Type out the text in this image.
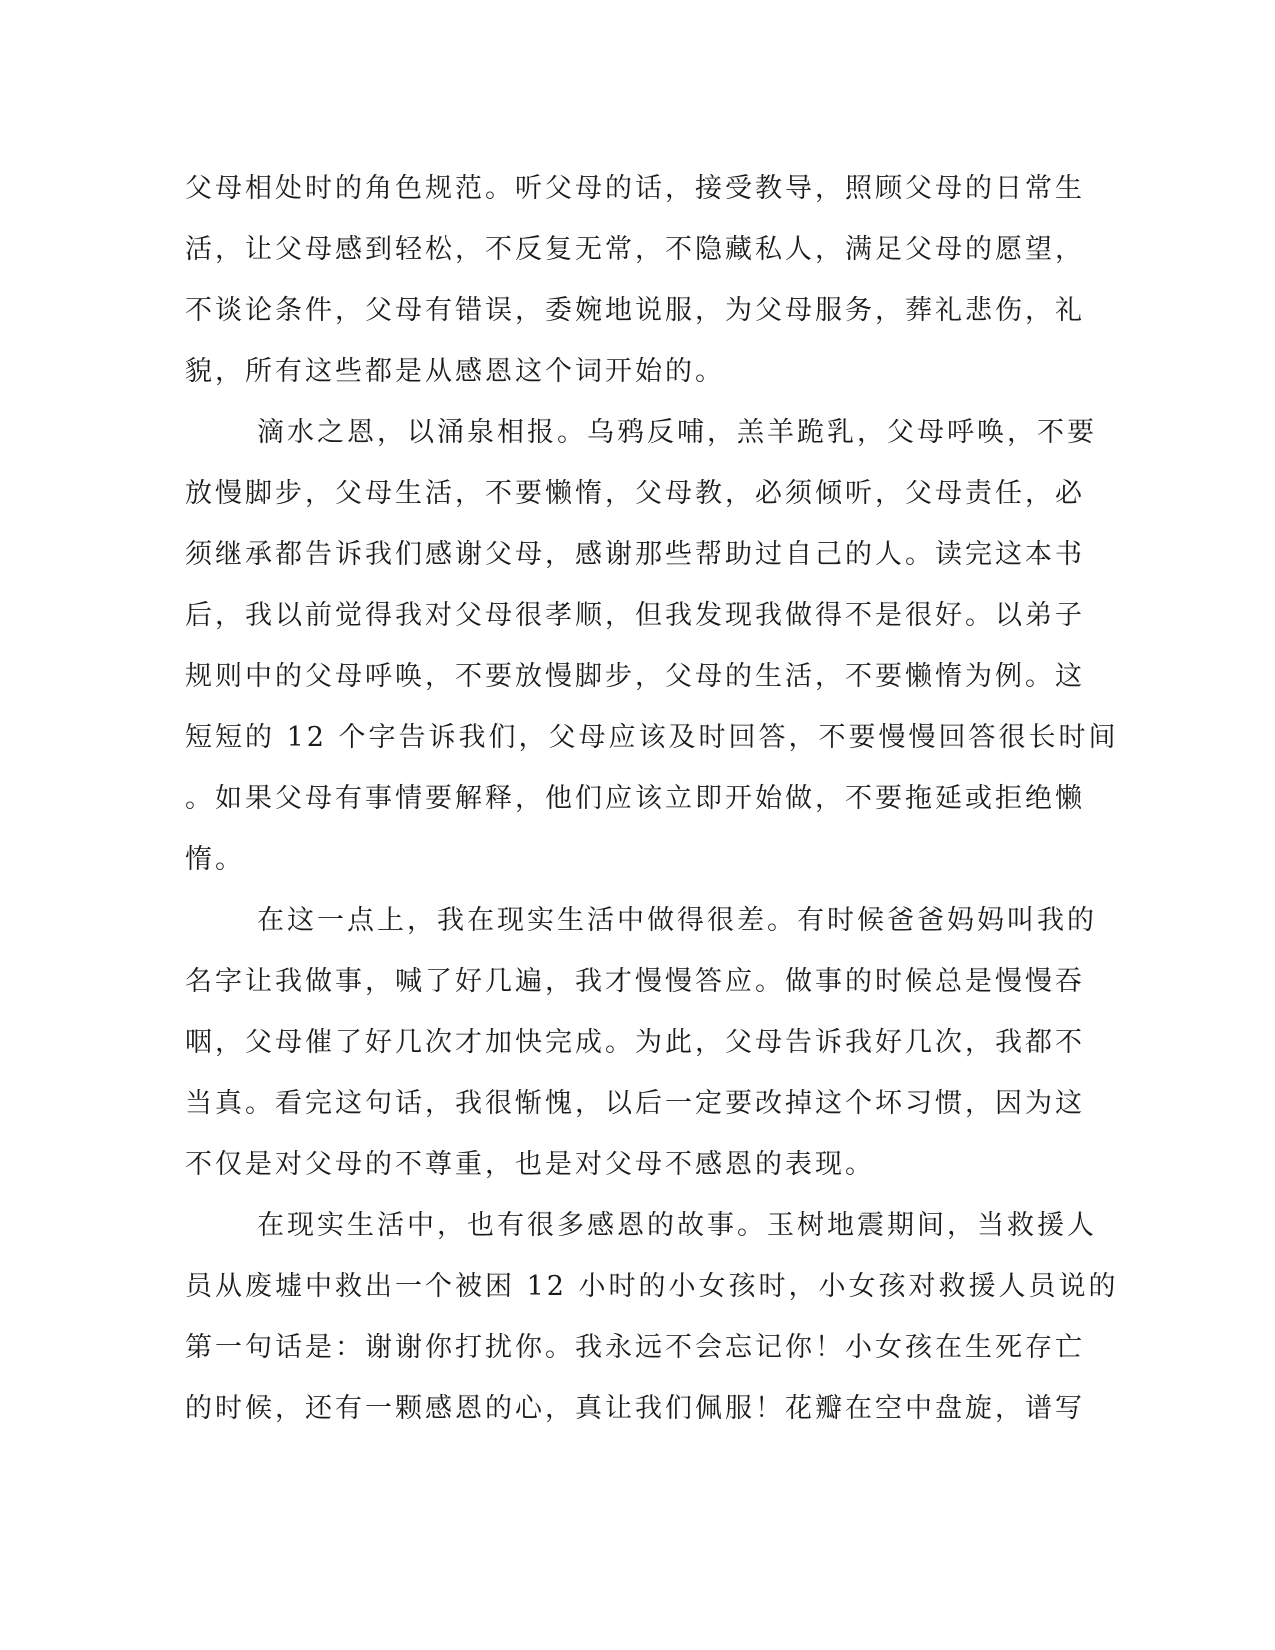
父母相处时的角色规范。听父母的话，接受教导，照顾父母的日常生
活，让父母感到轻松，不反复无常，不隐藏私人，满足父母的愿望，
不谈论条件，父母有错误，委婉地说服，为父母服务，葬礼悲伤，礼
貌，所有这些都是从感恩这个词开始的。
滴水之恩，以涌泉相报。乌鸦反哺，羔羊跪乳，父母呼唤，不要
放慢脚步，父母生活，不要懒惰，父母教，必须倾听，父母责任，必
须继承都告诉我们感谢父母，感谢那些帮助过自己的人。读完这本书
后，我以前觉得我对父母很孝顺，但我发现我做得不是很好。以弟子
规则中的父母呼唤，不要放慢脚步，父母的生活，不要懒惰为例。这
短短的 12 个字告诉我们，父母应该及时回答，不要慢慢回答很长时间
。如果父母有事情要解释，他们应该立即开始做，不要拖延或拒绝懒
惰。
在这一点上，我在现实生活中做得很差。有时候爸爸妈妈叫我的
名字让我做事，喊了好几遍，我才慢慢答应。做事的时候总是慢慢吞
咽，父母催了好几次才加快完成。为此，父母告诉我好几次，我都不
当真。看完这句话，我很惭愧，以后一定要改掉这个坏习惯，因为这
不仅是对父母的不尊重，也是对父母不感恩的表现。
在现实生活中，也有很多感恩的故事。玉树地震期间，当救援人
员从废墟中救出一个被困 12 小时的小女孩时，小女孩对救援人员说的
第一句话是：谢谢你打扰你。我永远不会忘记你！小女孩在生死存亡
的时候，还有一颗感恩的心，真让我们佩服！花瓣在空中盘旋，谱写
